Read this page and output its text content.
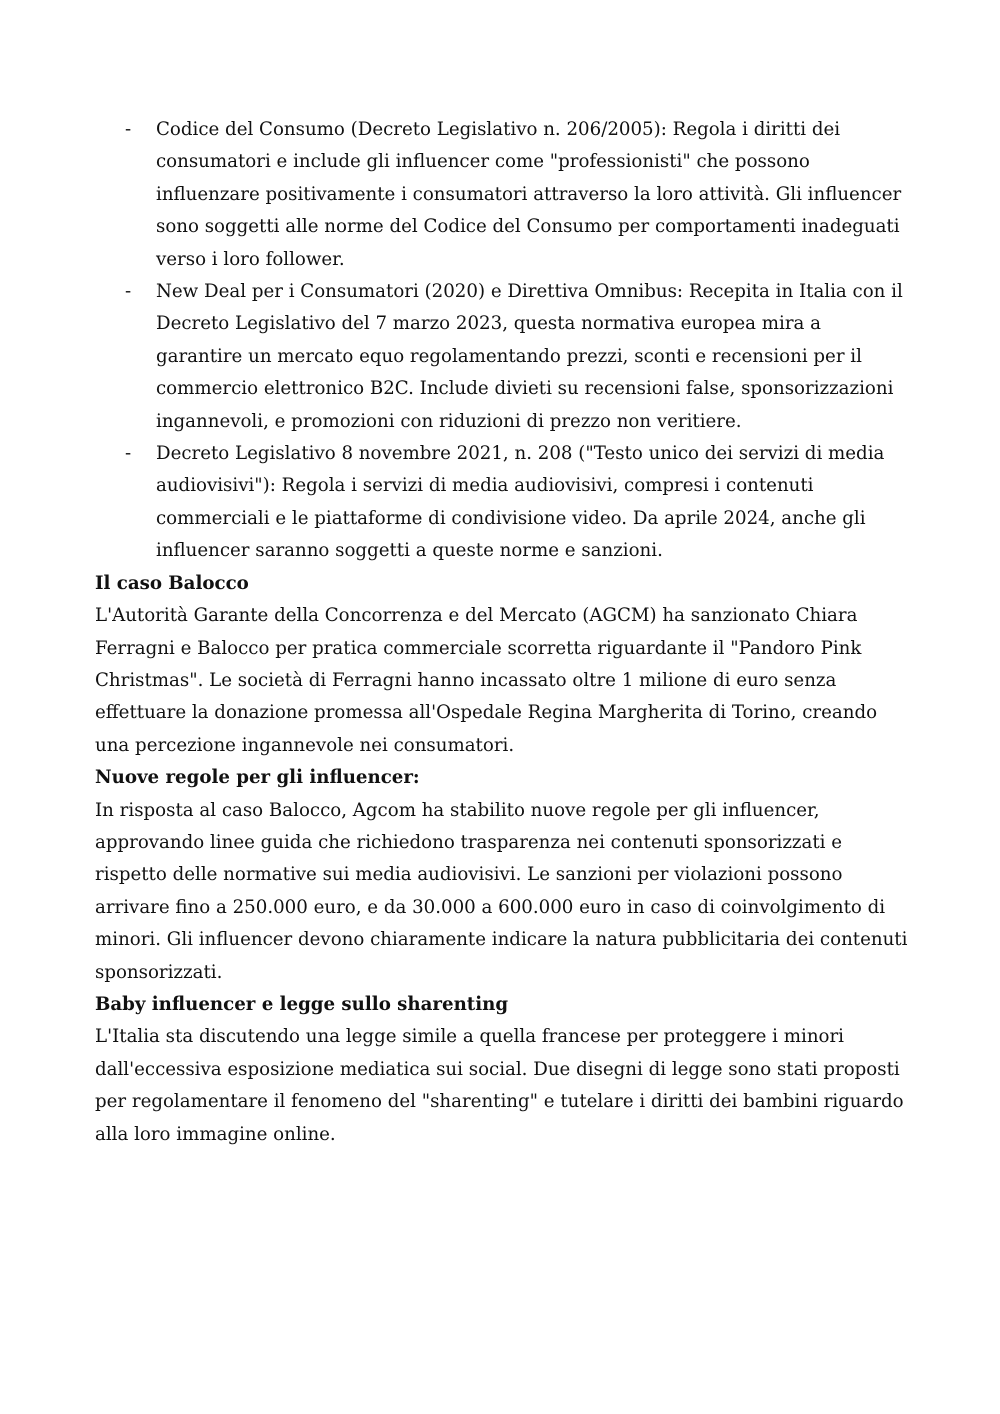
- Codice del Consumo (Decreto Legislativo n. 206/2005): Regola i diritti dei consumatori e include gli influencer come "professionisti" che possono influenzare positivamente i consumatori attraverso la loro attività. Gli influencer sono soggetti alle norme del Codice del Consumo per comportamenti inadeguati verso i loro follower.
- New Deal per i Consumatori (2020) e Direttiva Omnibus: Recepita in Italia con il Decreto Legislativo del 7 marzo 2023, questa normativa europea mira a garantire un mercato equo regolamentando prezzi, sconti e recensioni per il commercio elettronico B2C. Include divieti su recensioni false, sponsorizzazioni ingannevoli, e promozioni con riduzioni di prezzo non veritiere.
- Decreto Legislativo 8 novembre 2021, n. 208 ("Testo unico dei servizi di media audiovisivi"): Regola i servizi di media audiovisivi, compresi i contenuti commerciali e le piattaforme di condivisione video. Da aprile 2024, anche gli influencer saranno soggetti a queste norme e sanzioni.

Il caso Balocco

L'Autorità Garante della Concorrenza e del Mercato (AGCM) ha sanzionato Chiara Ferragni e Balocco per pratica commerciale scorretta riguardante il "Pandoro Pink Christmas". Le società di Ferragni hanno incassato oltre 1 milione di euro senza effettuare la donazione promessa all'Ospedale Regina Margherita di Torino, creando una percezione ingannevole nei consumatori.

Nuove regole per gli influencer:

In risposta al caso Balocco, Agcom ha stabilito nuove regole per gli influencer, approvando linee guida che richiedono trasparenza nei contenuti sponsorizzati e rispetto delle normative sui media audiovisivi. Le sanzioni per violazioni possono arrivare fino a 250.000 euro, e da 30.000 a 600.000 euro in caso di coinvolgimento di minori. Gli influencer devono chiaramente indicare la natura pubblicitaria dei contenuti sponsorizzati.

Baby influencer e legge sullo sharenting

L'Italia sta discutendo una legge simile a quella francese per proteggere i minori dall'eccessiva esposizione mediatica sui social. Due disegni di legge sono stati proposti per regolamentare il fenomeno del "sharenting" e tutelare i diritti dei bambini riguardo alla loro immagine online.
